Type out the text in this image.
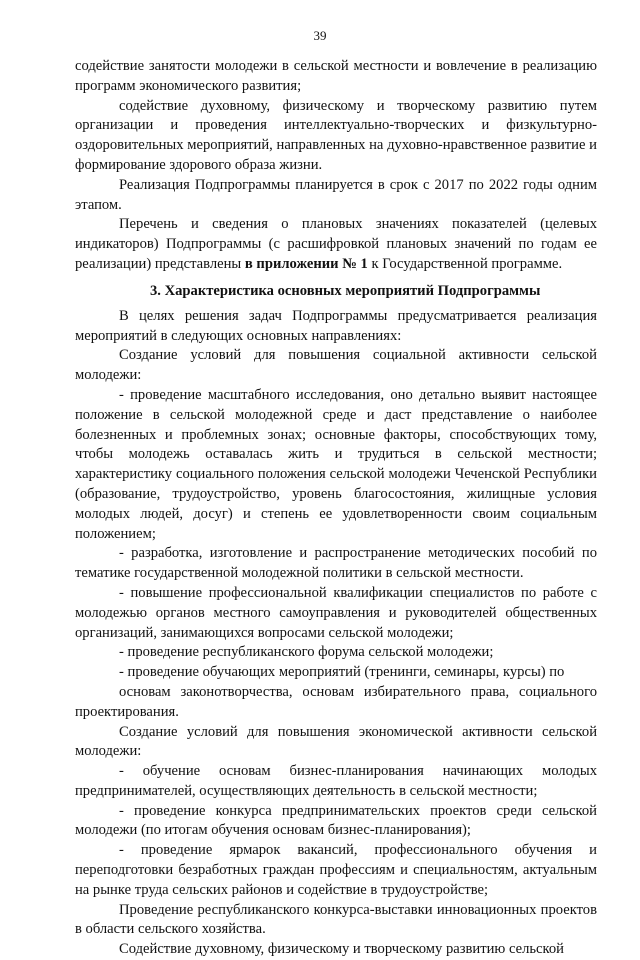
39

содействие занятости молодежи в сельской местности и вовлечение в реализацию программ экономического развития;

содействие духовному, физическому и творческому развитию путем организации и проведения интеллектуально-творческих и физкультурно-оздоровительных мероприятий, направленных на духовно-нравственное развитие и формирование здорового образа жизни.

Реализация Подпрограммы планируется в срок с 2017 по 2022 годы одним этапом.

Перечень и сведения о плановых значениях показателей (целевых индикаторов) Подпрограммы (с расшифровкой плановых значений по годам ее реализации) представлены в приложении № 1 к Государственной программе.

3. Характеристика основных мероприятий Подпрограммы

В целях решения задач Подпрограммы предусматривается реализация мероприятий в следующих основных направлениях:

Создание условий для повышения социальной активности сельской молодежи:

- проведение масштабного исследования, оно детально выявит настоящее положение в сельской молодежной среде и даст представление о наиболее болезненных и проблемных зонах; основные факторы, способствующих тому, чтобы молодежь оставалась жить и трудиться в сельской местности; характеристику социального положения сельской молодежи Чеченской Республики (образование, трудоустройство, уровень благосостояния, жилищные условия молодых людей, досуг) и степень ее удовлетворенности своим социальным положением;

- разработка, изготовление и распространение методических пособий по тематике государственной молодежной политики в сельской местности.

- повышение профессиональной квалификации специалистов по работе с молодежью органов местного самоуправления и руководителей общественных организаций, занимающихся вопросами сельской молодежи;

- проведение республиканского форума сельской молодежи;

- проведение обучающих мероприятий (тренинги, семинары, курсы) по

основам законотворчества, основам избирательного права, социального проектирования.

Создание условий для повышения экономической активности сельской молодежи:

- обучение основам бизнес-планирования начинающих молодых предпринимателей, осуществляющих деятельность в сельской местности;

- проведение конкурса предпринимательских проектов среди сельской молодежи (по итогам обучения основам бизнес-планирования);

- проведение ярмарок вакансий, профессионального обучения и переподготовки безработных граждан профессиям и специальностям, актуальным на рынке труда сельских районов и содействие в трудоустройстве;

Проведение республиканского конкурса-выставки инновационных проектов в области сельского хозяйства.

Содействие духовному, физическому и творческому развитию сельской
